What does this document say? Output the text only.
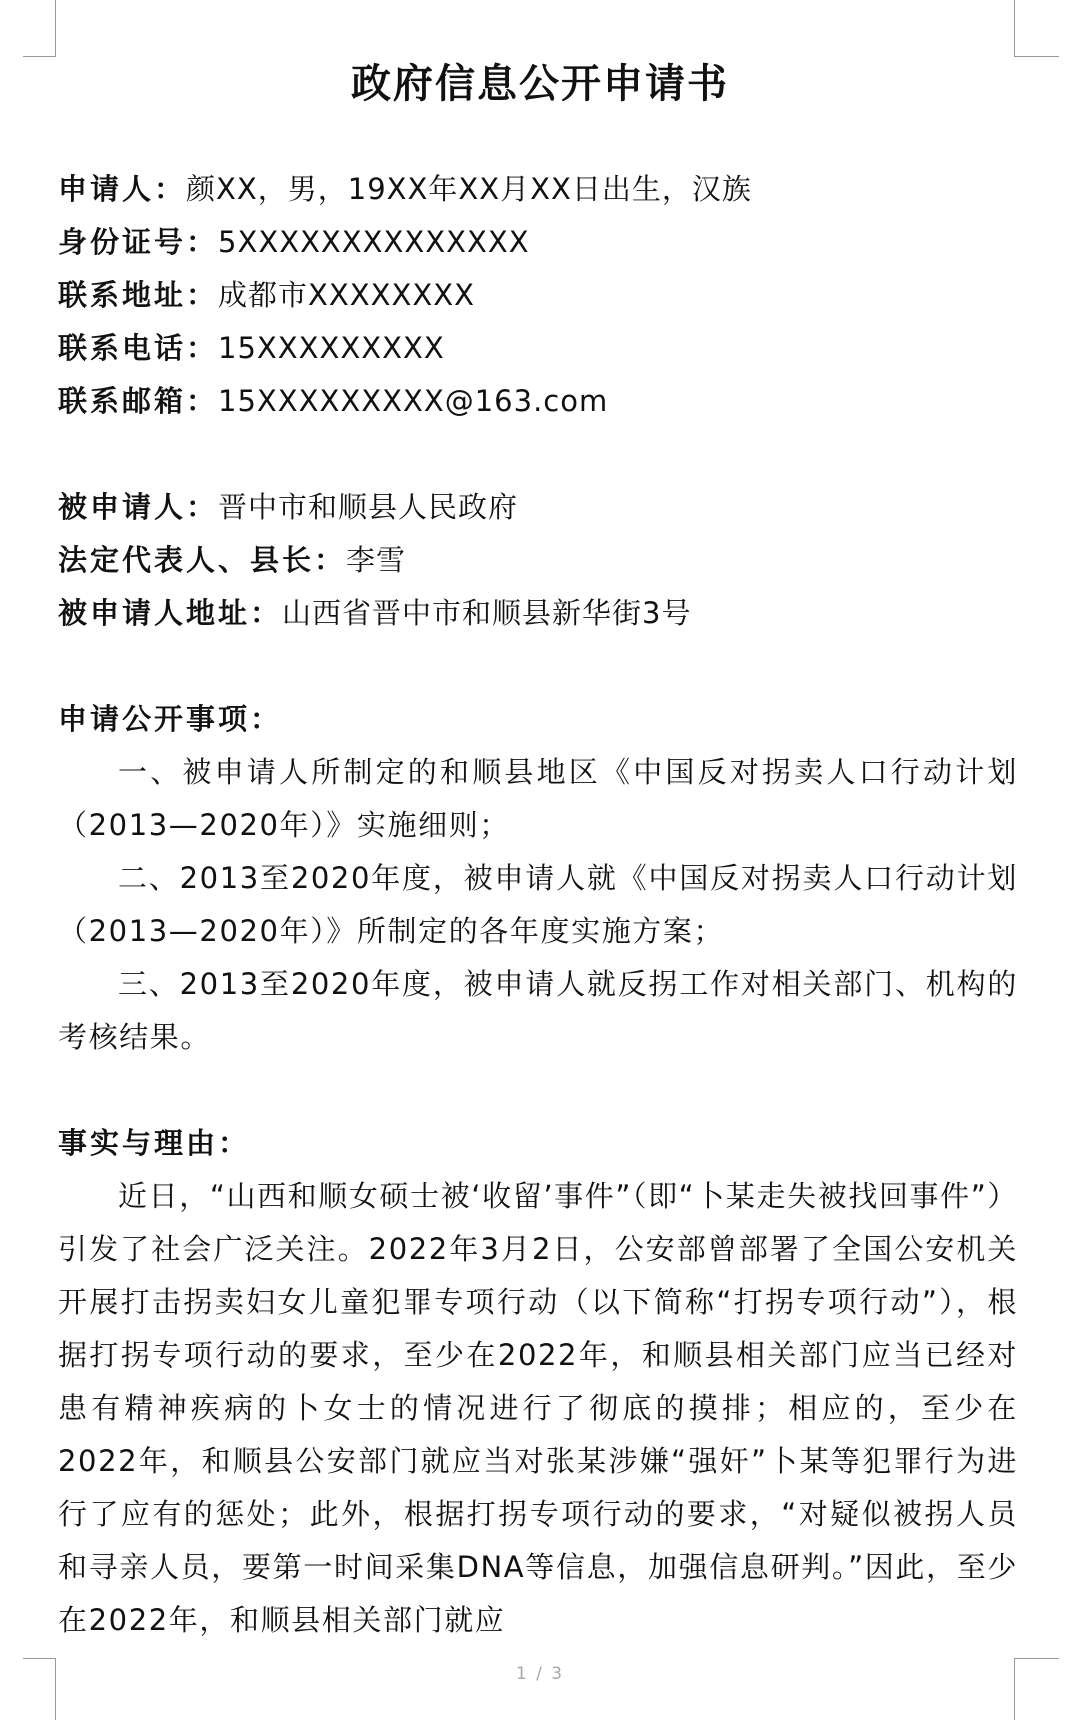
政府信息公开申请书
申请人：颜XX，男，19XX年XX月XX日出生，汉族
身份证号：5XXXXXXXXXXXXXX
联系地址：成都市XXXXXXXX
联系电话：15XXXXXXXXX
联系邮箱：15XXXXXXXXX@163.com
被申请人：晋中市和顺县人民政府
法定代表人、县长：李雪
被申请人地址：山西省晋中市和顺县新华街3号
申请公开事项：

一、被申请人所制定的和顺县地区《中国反对拐卖人口行动计划（2013—2020年）》实施细则；

二、2013至2020年度，被申请人就《中国反对拐卖人口行动计划（2013—2020年）》所制定的各年度实施方案；

三、2013至2020年度，被申请人就反拐工作对相关部门、机构的考核结果。

事实与理由：

近日，“山西和顺女硕士被‘收留’事件”（即“卜某走失被找回事件”）引发了社会广泛关注。2022年3月2日，公安部曾部署了全国公安机关开展打击拐卖妇女儿童犯罪专项行动（以下简称“打拐专项行动”），根据打拐专项行动的要求，至少在2022年，和顺县相关部门应当已经对患有精神疾病的卜女士的情况进行了彻底的摸排；相应的，至少在2022年，和顺县公安部门就应当对张某涉嫌“强奸”卜某等犯罪行为进行了应有的惩处；此外，根据打拐专项行动的要求，“对疑似被拐人员和寻亲人员，要第一时间采集DNA等信息，加强信息研判。”因此，至少在2022年，和顺县相关部门就应

1 / 3
